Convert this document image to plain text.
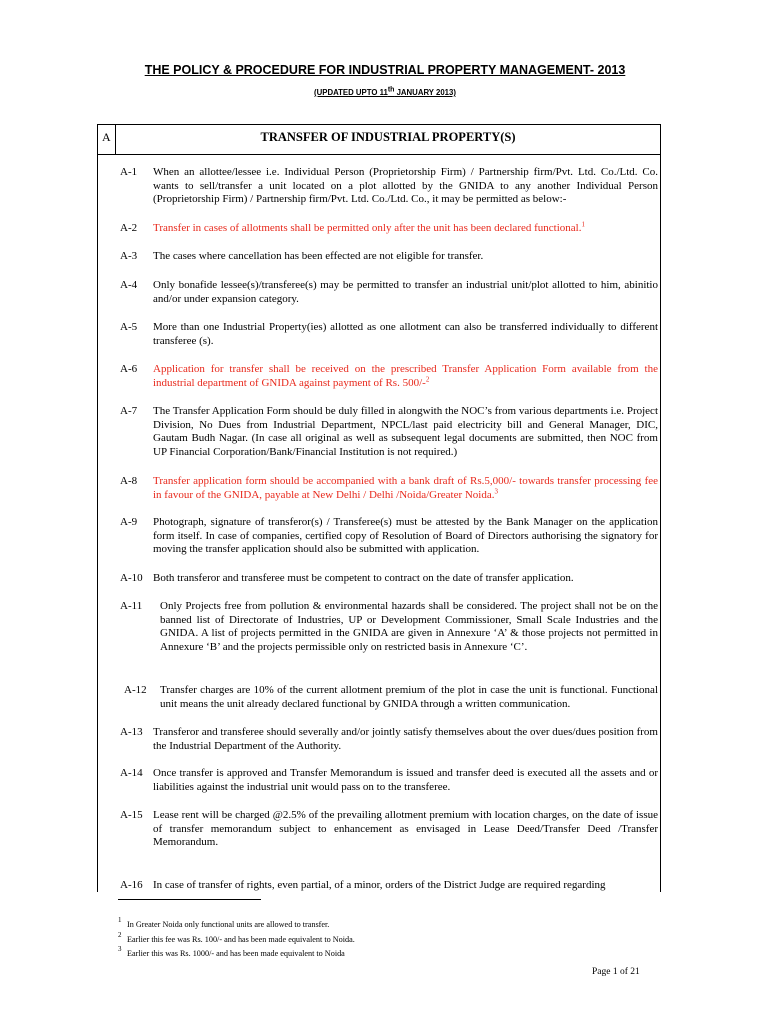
THE POLICY & PROCEDURE FOR INDUSTRIAL PROPERTY MANAGEMENT- 2013
(UPDATED UPTO 11th JANUARY 2013)
A	TRANSFER OF INDUSTRIAL PROPERTY(S)
A-1 When an allottee/lessee i.e. Individual Person (Proprietorship Firm) / Partnership firm/Pvt. Ltd. Co./Ltd. Co. wants to sell/transfer a unit located on a plot allotted by the GNIDA to any another Individual Person (Proprietorship Firm) / Partnership firm/Pvt. Ltd. Co./Ltd. Co., it may be permitted as below:-
A-2 Transfer in cases of allotments shall be permitted only after the unit has been declared functional.$^1$
A-3 The cases where cancellation has been effected are not eligible for transfer.
A-4 Only bonafide lessee(s)/transferee(s) may be permitted to transfer an industrial unit/plot allotted to him, abinitio and/or under expansion category.
A-5 More than one Industrial Property(ies) allotted as one allotment can also be transferred individually to different transferee (s).
A-6 Application for transfer shall be received on the prescribed Transfer Application Form available from the industrial department of GNIDA against payment of Rs. 500/-$^2$
A-7 The Transfer Application Form should be duly filled in alongwith the NOC’s from various departments i.e. Project Division, No Dues from Industrial Department, NPCL/last paid electricity bill and General Manager, DIC, Gautam Budh Nagar. (In case all original as well as subsequent legal documents are submitted, then NOC from UP Financial Corporation/Bank/Financial Institution is not required.)
A-8 Transfer application form should be accompanied with a bank draft of Rs.5,000/- towards transfer processing fee in favour of the GNIDA, payable at New Delhi / Delhi /Noida/Greater Noida.$^3$
A-9 Photograph, signature of transferor(s) / Transferee(s) must be attested by the Bank Manager on the application form itself. In case of companies, certified copy of Resolution of Board of Directors authorising the signatory for moving the transfer application should also be submitted with application.
A-10 Both transferor and transferee must be competent to contract on the date of transfer application.
A-11 Only Projects free from pollution & environmental hazards shall be considered. The project shall not be on the banned list of Directorate of Industries, UP or Development Commissioner, Small Scale Industries and the GNIDA. A list of projects permitted in the GNIDA are given in Annexure ‘A’ & those projects not permitted in Annexure ‘B’ and the projects permissible only on restricted basis in Annexure ‘C’.
A-12 Transfer charges are 10% of the current allotment premium of the plot in case the unit is functional. Functional unit means the unit already declared functional by GNIDA through a written communication.
A-13 Transferor and transferee should severally and/or jointly satisfy themselves about the over dues/dues position from the Industrial Department of the Authority.
A-14 Once transfer is approved and Transfer Memorandum is issued and transfer deed is executed all the assets and or liabilities against the industrial unit would pass on to the transferee.
A-15 Lease rent will be charged @2.5% of the prevailing allotment premium with location charges, on the date of issue of transfer memorandum subject to enhancement as envisaged in Lease Deed/Transfer Deed /Transfer Memorandum.
A-16 In case of transfer of rights, even partial, of a minor, orders of the District Judge are required regarding
1 In Greater Noida only functional units are allowed to transfer.
2 Earlier this fee was Rs. 100/- and has been made equivalent to Noida.
3 Earlier this was Rs. 1000/- and has been made equivalent to Noida
Page 1 of 21
